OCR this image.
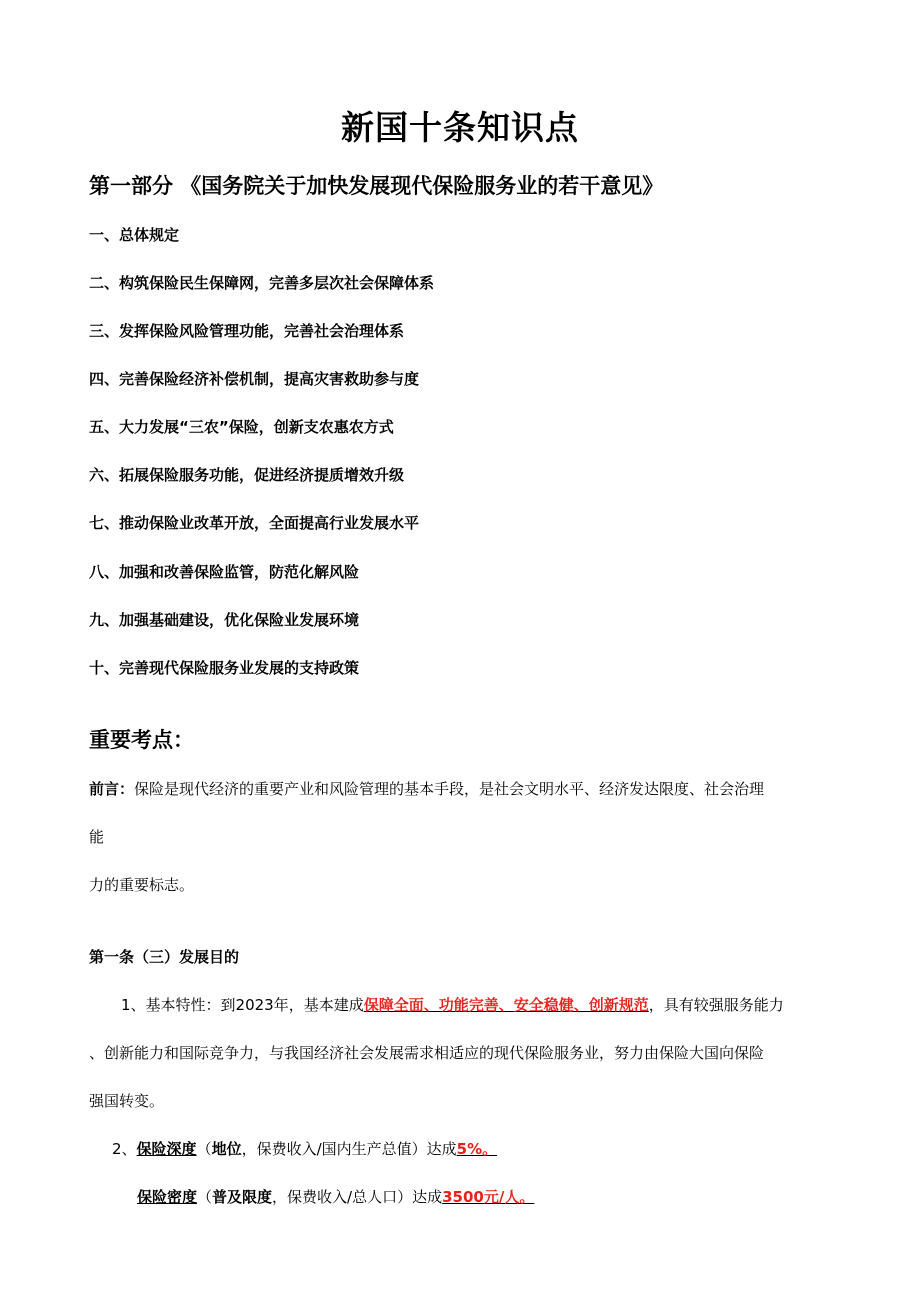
新国十条知识点
第一部分 《国务院关于加快发展现代保险服务业的若干意见》
一、总体规定
二、构筑保险民生保障网，完善多层次社会保障体系
三、发挥保险风险管理功能，完善社会治理体系
四、完善保险经济补偿机制，提高灾害救助参与度
五、大力发展“三农”保险，创新支农惠农方式
六、拓展保险服务功能，促进经济提质增效升级
七、推动保险业改革开放，全面提高行业发展水平
八、加强和改善保险监管，防范化解风险
九、加强基础建设，优化保险业发展环境
十、完善现代保险服务业发展的支持政策
重要考点：
前言：保险是现代经济的重要产业和风险管理的基本手段，是社会文明水平、经济发达限度、社会治理
能
力的重要标志。
第一条（三）发展目的
1、基本特性：到2023年，基本建成保障全面、功能完善、安全稳健、创新规范，具有较强服务能力
、创新能力和国际竞争力，与我国经济社会发展需求相适应的现代保险服务业，努力由保险大国向保险
强国转变。
2、保险深度（地位，保费收入/国内生产总值）达成5%。
保险密度（普及限度，保费收入/总人口）达成3500元/人。
